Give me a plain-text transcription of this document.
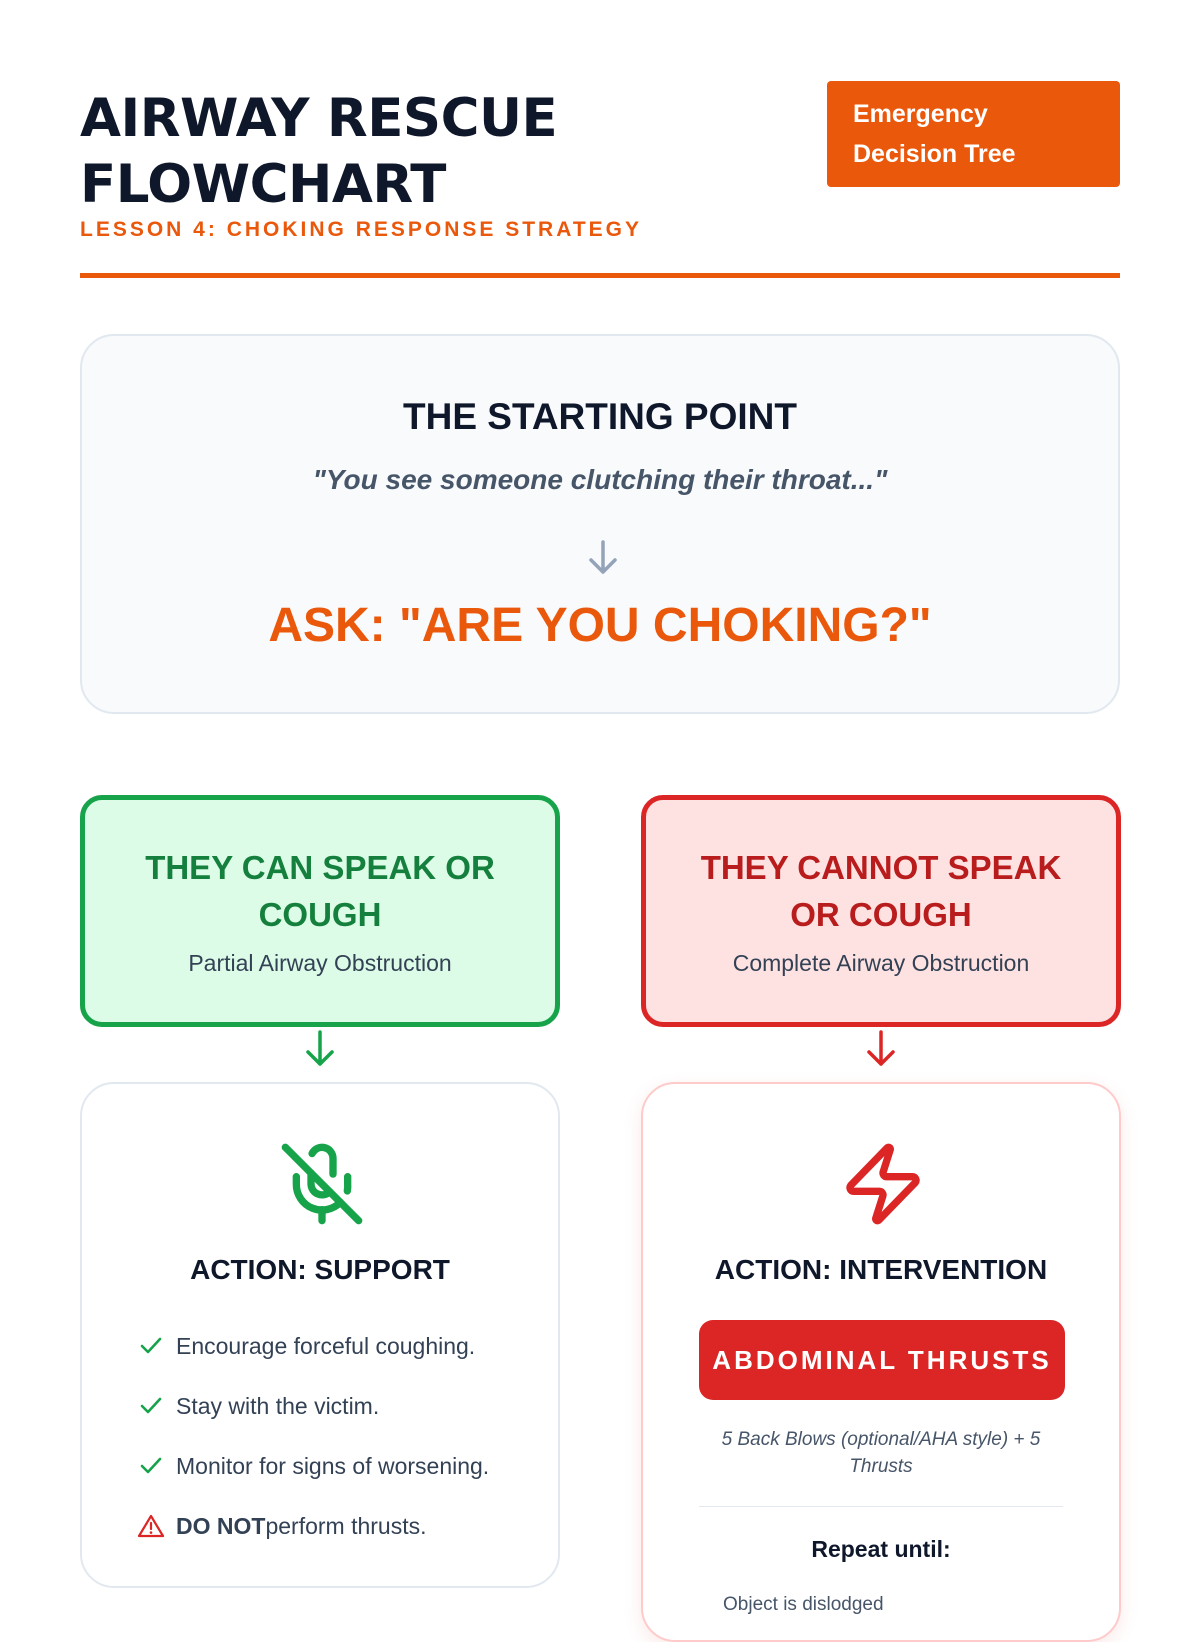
AIRWAY RESCUE FLOWCHART
LESSON 4: CHOKING RESPONSE STRATEGY
Emergency Decision Tree
THE STARTING POINT
"You see someone clutching their throat..."
ASK: "ARE YOU CHOKING?"
THEY CAN SPEAK OR COUGH
Partial Airway Obstruction
ACTION: SUPPORT
Encourage forceful coughing.
Stay with the victim.
Monitor for signs of worsening.
DO NOT perform thrusts.
THEY CANNOT SPEAK OR COUGH
Complete Airway Obstruction
ACTION: INTERVENTION
ABDOMINAL THRUSTS
5 Back Blows (optional/AHA style) + 5 Thrusts
Repeat until:
Object is dislodged
